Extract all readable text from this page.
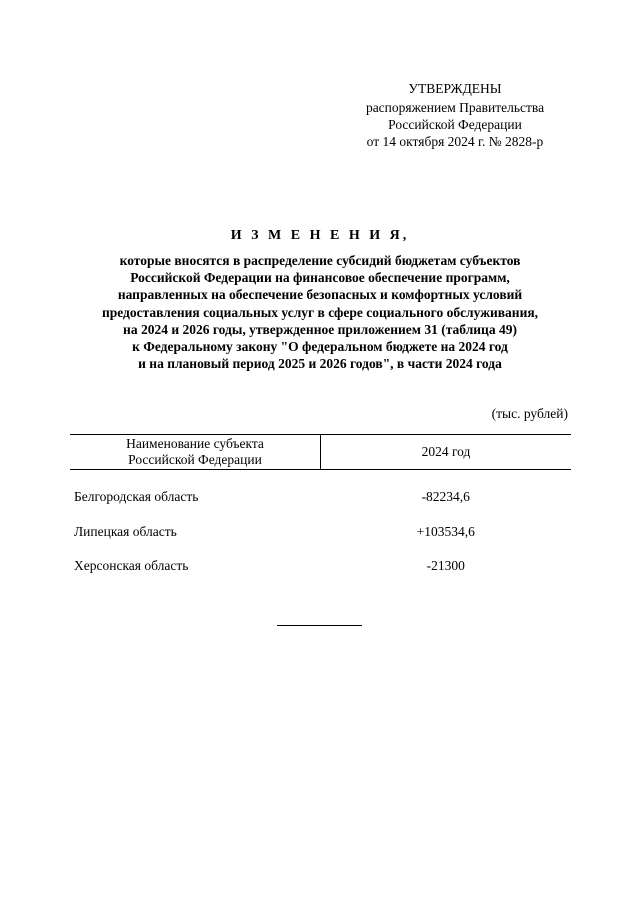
УТВЕРЖДЕНЫ
распоряжением Правительства
Российской Федерации
от 14 октября 2024 г. № 2828-р
И З М Е Н Е Н И Я,
которые вносятся в распределение субсидий бюджетам субъектов
Российской Федерации на финансовое обеспечение программ,
направленных на обеспечение безопасных и комфортных условий
предоставления социальных услуг в сфере социального обслуживания,
на 2024 и 2026 годы, утвержденное приложением 31 (таблица 49)
к Федеральному закону "О федеральном бюджете на 2024 год
и на плановый период 2025 и 2026 годов", в части 2024 года
(тыс. рублей)
Наименование субъекта
Российской Федерации	2024 год
Белгородская область	-82234,6
Липецкая область	+103534,6
Херсонская область	-21300
